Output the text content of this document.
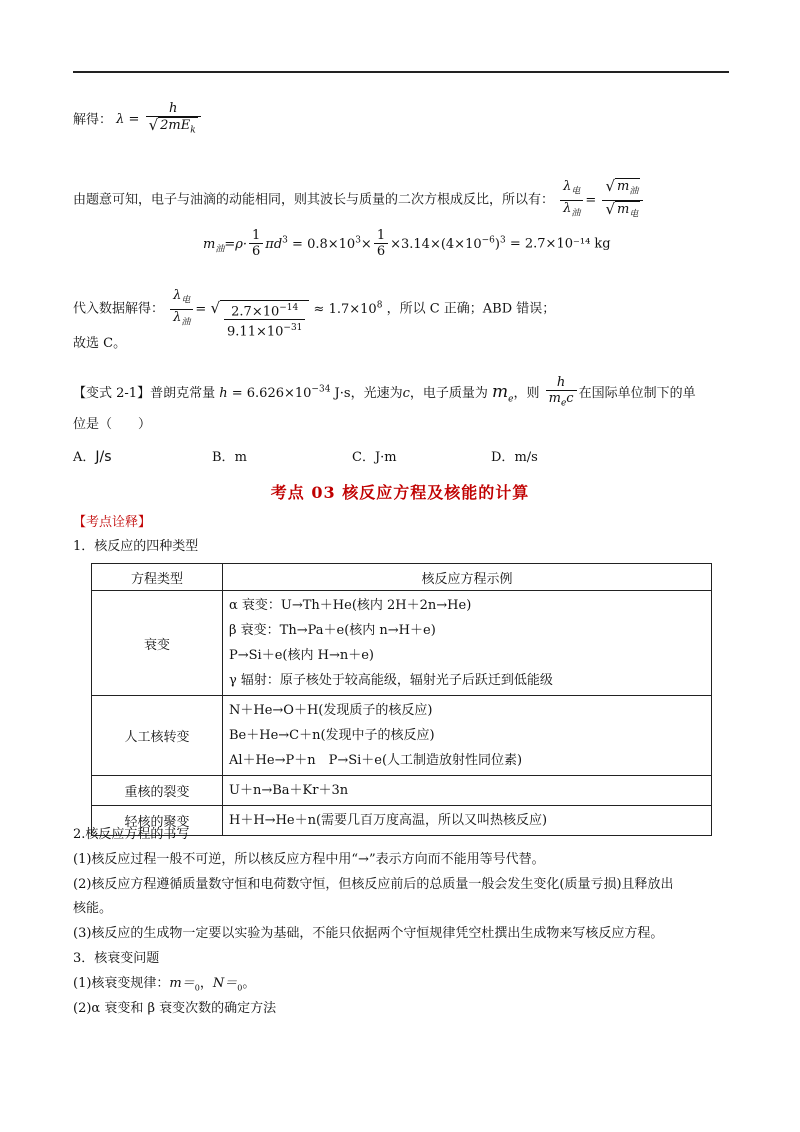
解得： $\lambda = \frac{h}{√ 2mE_k}$
由题意可知，电子与油滴的动能相同，则其波长与质量的二次方根成反比，所以有： $\frac{\lambda_电}{\lambda_油} = \frac{√ m_油}{√ m_电}$
$m_油=\rho\cdot \frac{1}{6} \pi d^3 = 0.8\times 10^3\times \frac{1}{6} \times 3.14\times(4\times 10^{-6})^3 = 2.7\times 10^{-14}$ kg
代入数据解得： $\frac{\lambda_电}{\lambda_油}$ = √ $\frac{2.7\times 10^{-14}}{9.11\times 10^{-31}} \approx 1.7\times 10^8$ ，所以 C 正确；ABD 错误；
故选 C。
【变式 2-1】普朗克常量 $h = 6.626\times 10^{-34}$ J·s，光速为c，电子质量为 $m_e$，则 $\frac{h}{m_ec}$ 在国际单位制下的单
位是（　　）
A．J/s	B．m	C．J·m	D．m/s
考点 03 核反应方程及核能的计算
【考点诠释】
1．核反应的四种类型
方程类型	核反应方程示例
衰变	α 衰变：U→Th＋He(核内 2H＋2n→He)
β 衰变：Th→Pa＋e(核内 n→H＋e)
P→Si＋e(核内 H→n＋e)
γ 辐射：原子核处于较高能级，辐射光子后跃迁到低能级

人工核转变	N＋He→O＋H(发现质子的核反应)
Be＋He→C＋n(发现中子的核反应)
Al＋He→P＋n　P→Si＋e(人工制造放射性同位素)

重核的裂变	U＋n→Ba＋Kr＋3n

轻核的聚变	H＋H→He＋n(需要几百万度高温，所以又叫热核反应)
2.核反应方程的书写
(1)核反应过程一般不可逆，所以核反应方程中用“→”表示方向而不能用等号代替。
(2)核反应方程遵循质量数守恒和电荷数守恒，但核反应前后的总质量一般会发生变化(质量亏损)且释放出
核能。
(3)核反应的生成物一定要以实验为基础，不能只依据两个守恒规律凭空杜撰出生成物来写核反应方程。
3．核衰变问题
(1)核衰变规律：$m=_0$，$N=_0$。
(2)α 衰变和 β 衰变次数的确定方法
